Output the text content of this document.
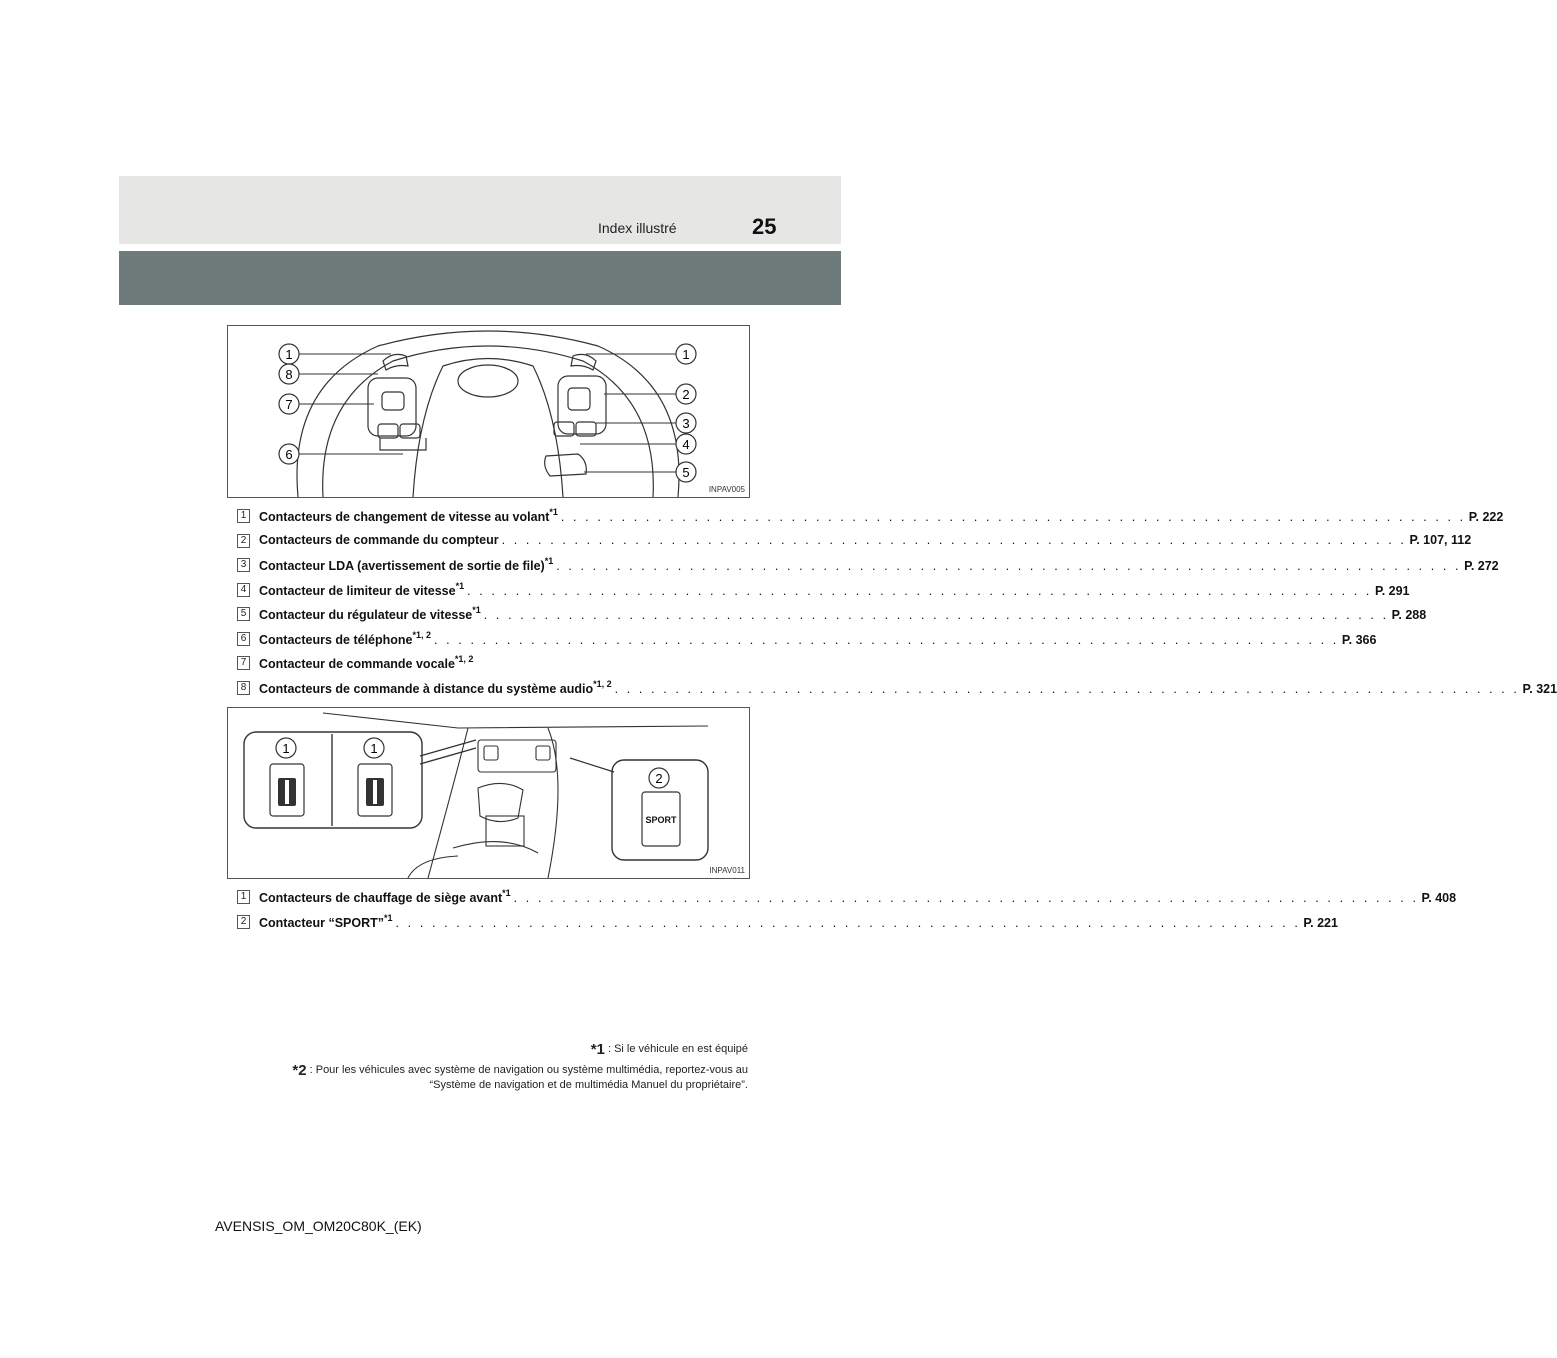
Index illustré	25
1
8
7
6
1
2
3
4
5
INPAV005
1 Contacteurs de changement de vitesse au volant$^{*1}$ . . . . . . . . . . . . . . . . . . . . . . . . . . . . . . . . . . . . . . . . . . . . . . . . . . . . . . . . . . . . . . . . . . . . . . . . . . . P. 222
2 Contacteurs de commande du compteur . . . . . . . . . . . . . . . . . . . . . . . . . . . . . . . . . . . . . . . . . . . . . . . . . . . . . . . . . . . . . . . . . . . . . . . . . . . P. 107, 112
3 Contacteur LDA (avertissement de sortie de file)$^{*1}$ . . . . . . . . . . . . . . . . . . . . . . . . . . . . . . . . . . . . . . . . . . . . . . . . . . . . . . . . . . . . . . . . . . . . . . . . . . . P. 272
4 Contacteur de limiteur de vitesse$^{*1}$ . . . . . . . . . . . . . . . . . . . . . . . . . . . . . . . . . . . . . . . . . . . . . . . . . . . . . . . . . . . . . . . . . . . . . . . . . . . P. 291
5 Contacteur du régulateur de vitesse$^{*1}$ . . . . . . . . . . . . . . . . . . . . . . . . . . . . . . . . . . . . . . . . . . . . . . . . . . . . . . . . . . . . . . . . . . . . . . . . . . . P. 288
6 Contacteurs de téléphone$^{*1, 2}$ . . . . . . . . . . . . . . . . . . . . . . . . . . . . . . . . . . . . . . . . . . . . . . . . . . . . . . . . . . . . . . . . . . . . . . . . . . . P. 366
7 Contacteur de commande vocale$^{*1, 2}$
8 Contacteurs de commande à distance du système audio$^{*1, 2}$ . . . . . . . . . . . . . . . . . . . . . . . . . . . . . . . . . . . . . . . . . . . . . . . . . . . . . . . . . . . . . . . . . . . . . . . . . . . P. 321
SPORT
1	1
2
INPAV011
1 Contacteurs de chauffage de siège avant$^{*1}$ . . . . . . . . . . . . . . . . . . . . . . . . . . . . . . . . . . . . . . . . . . . . . . . . . . . . . . . . . . . . . . . . . . . . . . . . . . . P. 408
2 Contacteur “SPORT”$^{*1}$ . . . . . . . . . . . . . . . . . . . . . . . . . . . . . . . . . . . . . . . . . . . . . . . . . . . . . . . . . . . . . . . . . . . . . . . . . . . P. 221
*1 : Si le véhicule en est équipé
*2 : Pour les véhicules avec système de navigation ou système multimédia, reportez-vous au
“Système de navigation et de multimédia Manuel du propriétaire”.
AVENSIS_OM_OM20C80K_(EK)
